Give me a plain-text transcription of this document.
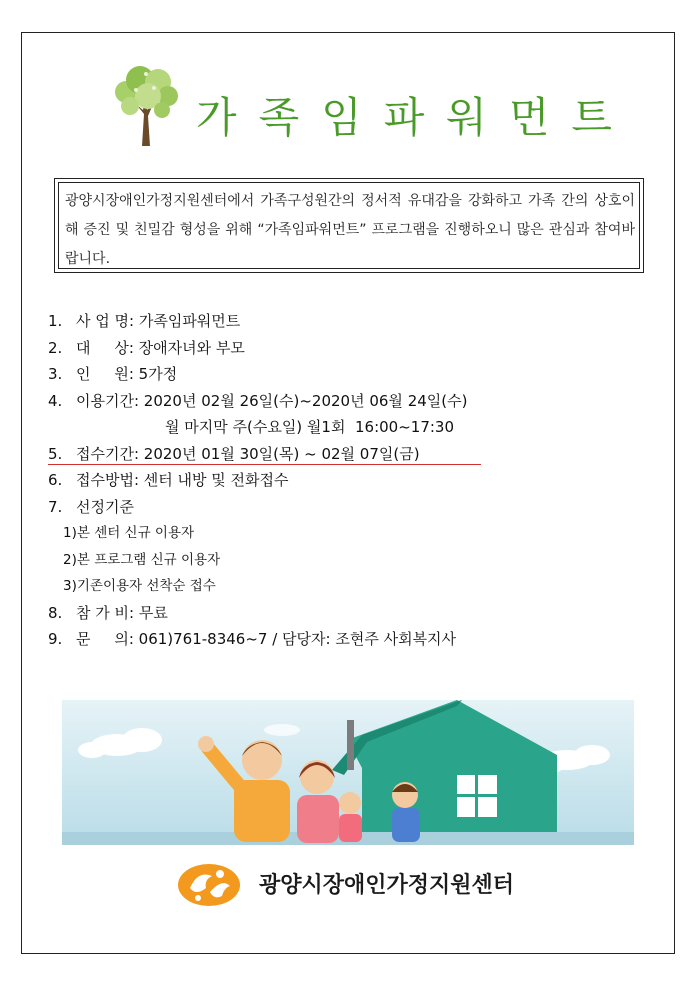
가족임파워먼트
광양시장애인가정지원센터에서 가족구성원간의 정서적 유대감을 강화하고 가족 간의 상호이해 증진 및 친밀감 형성을 위해 “가족임파워먼트” 프로그램을 진행하오니 많은 관심과 참여바랍니다.
1. 사 업 명: 가족임파워먼트
2. 대     상: 장애자녀와 부모
3. 인     원: 5가정
4. 이용기간: 2020년 02월 26일(수)~2020년 06월 24일(수)
월 마지막 주(수요일) 월1회  16:00~17:30
5. 접수기간: 2020년 01월 30일(목) ~ 02월 07일(금)
6. 접수방법: 센터 내방 및 전화접수
7. 선정기준
1)본 센터 신규 이용자
2)본 프로그램 신규 이용자
3)기존이용자 선착순 접수
8. 참 가 비: 무료
9. 문     의: 061)761-8346~7 / 담당자: 조현주 사회복지사
광양시장애인가정지원센터
